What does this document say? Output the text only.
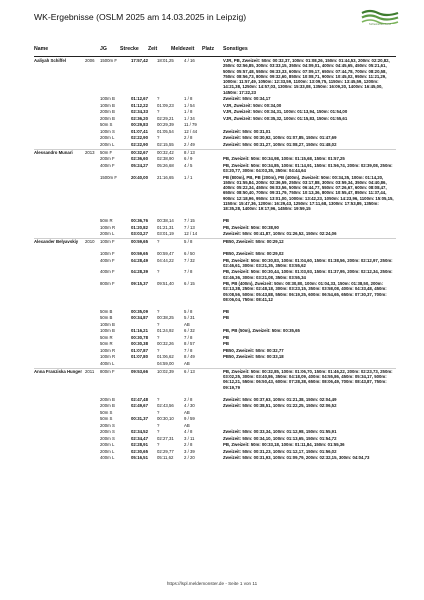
WK-Ergebnisse (OSLM 2025 am 14.03.2025 in Leipzig)
Schwimmverband
Name	JG	Strecke Zeit	Meldezeit Platz Sonstiges
Aaliyah Schiffel	2006 1500m F	17:57,42 18:01,25 4 / 16	VJR, PB, Zweizeit: 50m: 00:32,37, 100m: 01:08,26, 150m: 01:44,53, 200m: 02:20,82, 250m: 02:56,85, 300m: 03:33,15, 350m: 04:09,01, 400m: 04:45,65, 450m: 05:21,61, 500m: 05:57,48, 550m: 06:33,33, 600m: 07:09,17, 650m: 07:44,78, 700m: 08:20,58, 750m: 08:56,73, 800m: 09:32,60, 850m: 10:08,71, 900m: 10:45,02, 950m: 11:21,29, 1000m: 11:57,49, 1050m: 12:33,59, 1100m: 13:09,75, 1150m: 13:45,59, 1200m: 14:21,38, 1250m: 14:57,03, 1300m: 15:33,08, 1350m: 16:09,20, 1400m: 16:45,00, 1450m: 17:22,23
100m B	01:12,67 ?	1 / 8	Zweizeit: 50m: 00:34,17
100m B	01:12,22 01:09,23 1 / 54	VJR, Zweizeit: 50m: 00:34,00
200m B	02:34,33 ?	1 / 8	VJR, Zweizeit: 50m: 00:34,31, 100m: 01:13,94, 150m: 01:54,00
200m B	02:36,20 02:29,21 1 / 34	VJR, Zweizeit: 50m: 00:35,32, 100m: 01:15,83, 150m: 01:55,61
50m S	00:29,83 00:29,39 11 / 79
100m S	01:07,41 01:05,54 12 / 44	Zweizeit: 50m: 00:31,01
200m L	02:22,90 ?	2 / 8	Zweizeit: 50m: 00:30,92, 100m: 01:07,85, 150m: 01:47,69
200m L	02:22,90 02:15,55 2 / 49	Zweizeit: 50m: 00:31,27, 100m: 01:08,27, 150m: 01:48,02
Alessandro Munari	2013 50m F	00:32,67 00:32,42 8 / 13
200m F	02:36,60 02:38,90 6 / 9	PB, Zweizeit: 50m: 00:34,98, 100m: 01:15,68, 150m: 01:57,25
400m F	05:24,27 05:26,68 4 / 5	PB, Zweizeit: 50m: 00:34,85, 100m: 01:14,91, 150m: 01:56,74, 200m: 02:39,08, 250m: 03:20,77, 300m: 04:03,35, 350m: 04:44,64
1500m F	20:40,00 21:16,65 1 / 1	PB (800m), PB, PB (200m), PB (400m), Zweizeit: 50m: 00:34,35, 100m: 01:14,20, 150m: 01:55,84, 200m: 02:36,59, 250m: 03:17,88, 300m: 03:59,34, 350m: 04:40,86, 400m: 05:22,34, 450m: 06:03,56, 500m: 06:44,77, 550m: 07:26,67, 600m: 08:08,47, 650m: 08:50,40, 700m: 09:31,79, 750m: 10:13,36, 800m: 10:55,47, 850m: 11:37,44, 900m: 12:18,96, 950m: 13:01,00, 1000m: 13:42,23, 1050m: 14:23,96, 1100m: 15:05,15, 1150m: 15:47,36, 1200m: 16:29,43, 1250m: 17:11,68, 1300m: 17:53,89, 1350m: 18:35,28, 1400m: 19:17,96, 1450m: 19:59,15
50m R	00:36,76 00:38,14 7 / 15	PB
100m R	01:20,82 01:21,31 7 / 13	PB, Zweizeit: 50m: 00:38,90
200m L	03:03,27 03:01,19 12 / 14	Zweizeit: 50m: 00:41,87, 100m: 01:26,52, 150m: 02:24,06
Alexander Belyavskiy	2010 100m F	00:59,65 ?	5 / 8	PB50, Zweizeit: 50m: 00:29,12
100m F	00:59,65 00:59,47 6 / 50	PB50, Zweizeit: 50m: 00:29,02
400m F	04:28,49 04:44,22 7 / 32	PB, Zweizeit: 50m: 00:30,83, 100m: 01:04,60, 150m: 01:38,56, 200m: 02:12,97, 250m: 02:46,61, 300m: 03:21,35, 350m: 03:55,62
400m F	04:28,39 ?	7 / 8	PB, Zweizeit: 50m: 00:30,44, 100m: 01:03,93, 150m: 01:37,95, 200m: 02:12,34, 250m: 02:46,36, 300m: 03:21,08, 350m: 03:55,34
800m F	09:15,37 09:51,40 6 / 15	PB, PB (400m), Zweizeit: 50m: 00:30,80, 100m: 01:04,33, 150m: 01:38,50, 200m: 02:13,38, 250m: 02:48,18, 300m: 03:23,15, 350m: 03:58,08, 400m: 04:33,48, 450m: 05:08,56, 500m: 05:43,88, 550m: 06:19,25, 600m: 06:54,65, 650m: 07:30,37, 700m: 08:06,04, 750m: 08:41,12
50m B	00:35,09 ?	5 / 8	PB
50m B	00:34,87 00:38,25 5 / 31	PB
100m B	?	AB
100m B	01:16,21 01:24,92 6 / 32	PB, PB (50m), Zweizeit: 50m: 00:35,65
50m R	00:30,78 ?	7 / 8	PB
50m R	00:30,38 00:32,26 8 / 57	PB
100m R	01:07,87 ?	7 / 8	PB50, Zweizeit: 50m: 00:32,77
100m R	01:07,80 01:06,62 8 / 49	PB50, Zweizeit: 50m: 00:33,18
400m L	04:59,00 AB
Anna Franziska Hunger 2011 800m F	09:53,66 10:02,39 6 / 13	PB, Zweizeit: 50m: 00:32,85, 100m: 01:06,70, 150m: 01:46,22, 200m: 02:23,73, 250m: 03:02,25, 300m: 03:40,86, 350m: 04:18,09, 400m: 04:55,86, 450m: 05:34,17, 500m: 06:12,21, 550m: 06:50,43, 600m: 07:28,38, 650m: 08:06,49, 700m: 08:43,87, 750m: 09:19,79
200m B	02:47,48 ?	2 / 8	Zweizeit: 50m: 00:37,63, 100m: 01:21,38, 150m: 02:04,49
200m B	02:49,67 02:43,56 4 / 30	Zweizeit: 50m: 00:38,51, 100m: 01:22,25, 150m: 02:06,52
50m S	?	AB
50m S	00:31,37 00:30,10 9 / 59
200m S	?	AB
200m S	02:34,52 ?	4 / 8	Zweizeit: 50m: 00:33,34, 100m: 01:12,98, 150m: 01:55,91
200m S	02:34,47 02:27,31 3 / 11	Zweizeit: 50m: 00:34,10, 100m: 01:13,65, 150m: 01:54,72
200m L	02:28,91 ?	2 / 8	PB, Zweizeit: 50m: 00:33,18, 100m: 01:11,84, 150m: 01:55,36
200m L	02:30,65 02:29,77 3 / 39	Zweizeit: 50m: 00:31,23, 100m: 01:12,17, 150m: 01:56,02
400m L	05:16,51 05:11,62 2 / 20	Zweizeit: 50m: 00:31,93, 100m: 01:09,79, 200m: 02:32,15, 300m: 04:04,73
https://lspl.meldemonster.de - Seite 1 von 11
